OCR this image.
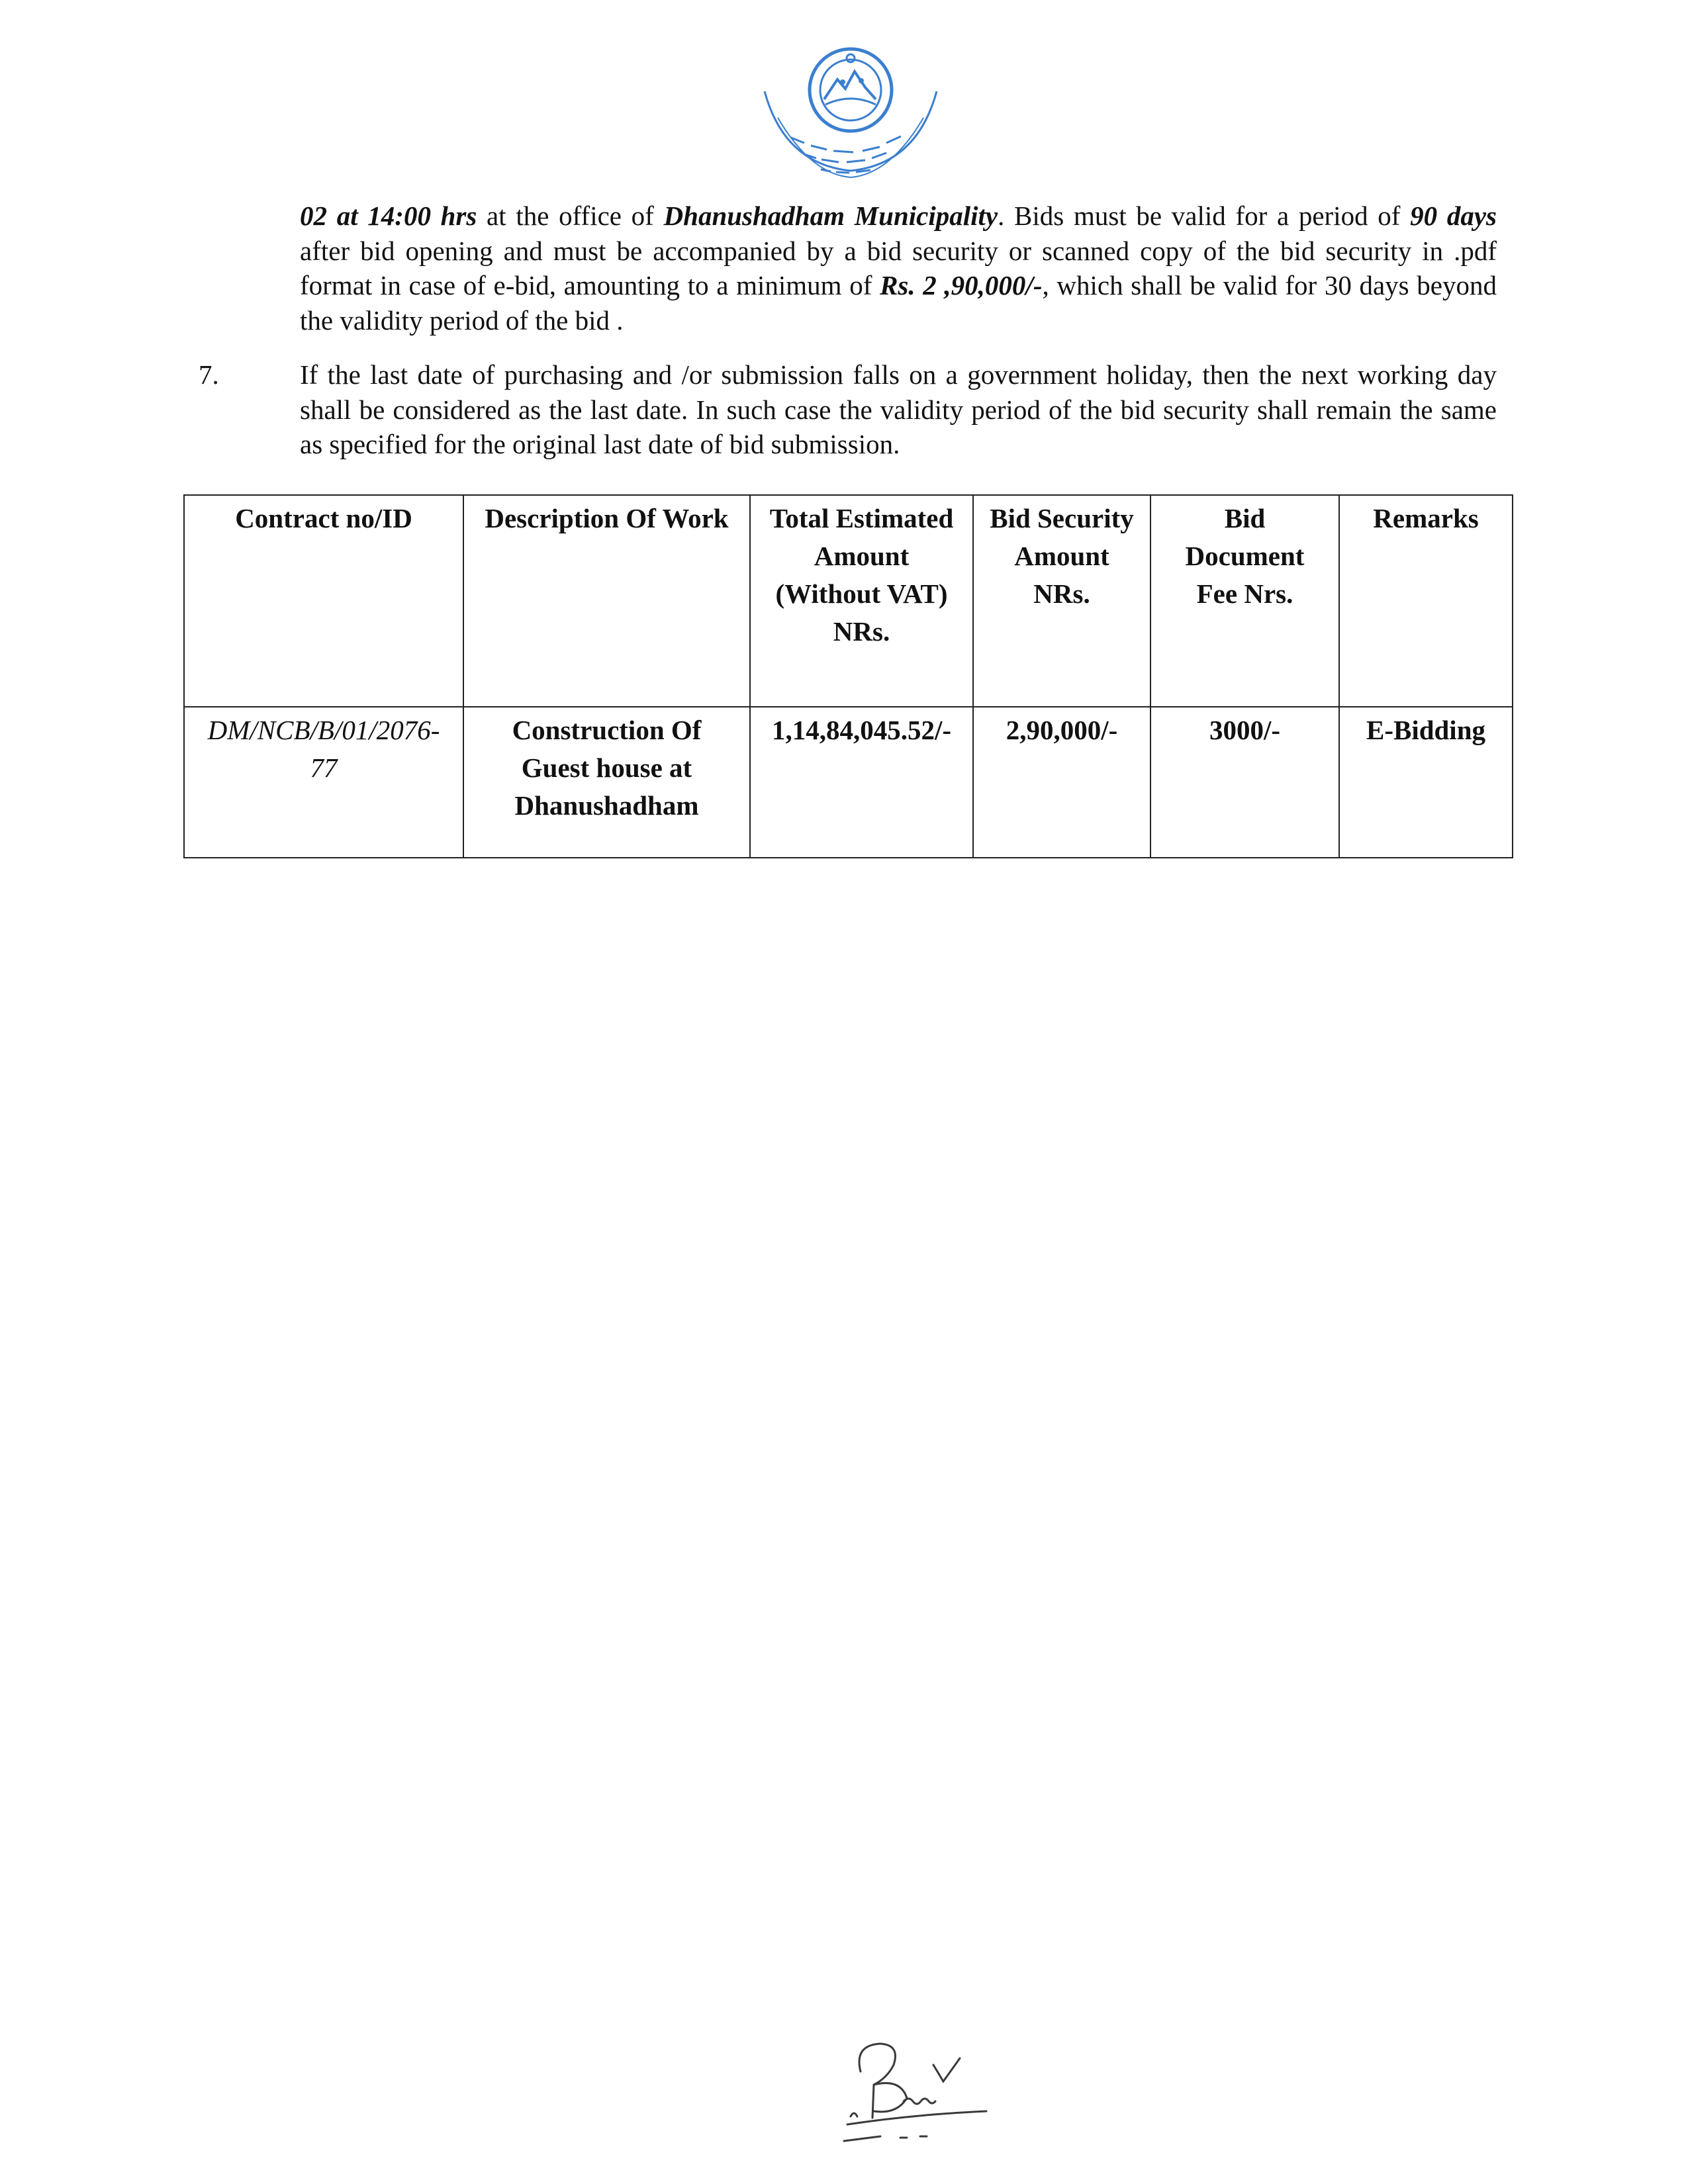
02 at 14:00 hrs at the office of Dhanushadham Municipality. Bids must be valid for a period of 90 days after bid opening and must be accompanied by a bid security or scanned copy of the bid security in .pdf format in case of e-bid, amounting to a minimum of Rs. 2 ,90,000/-, which shall be valid for 30 days beyond the validity period of the bid .

7.	If the last date of purchasing and /or submission falls on a government holiday, then the next working day shall be considered as the last date. In such case the validity period of the bid security shall remain the same as specified for the original last date of bid submission.

Contract no/ID	Description Of Work	Total Estimated Amount (Without VAT) NRs.	Bid Security Amount NRs.	Bid Document Fee Nrs.	Remarks
DM/NCB/B/01/2076-77	Construction Of Guest house at Dhanushadham	1,14,84,045.52/-	2,90,000/-	3000/-	E-Bidding
